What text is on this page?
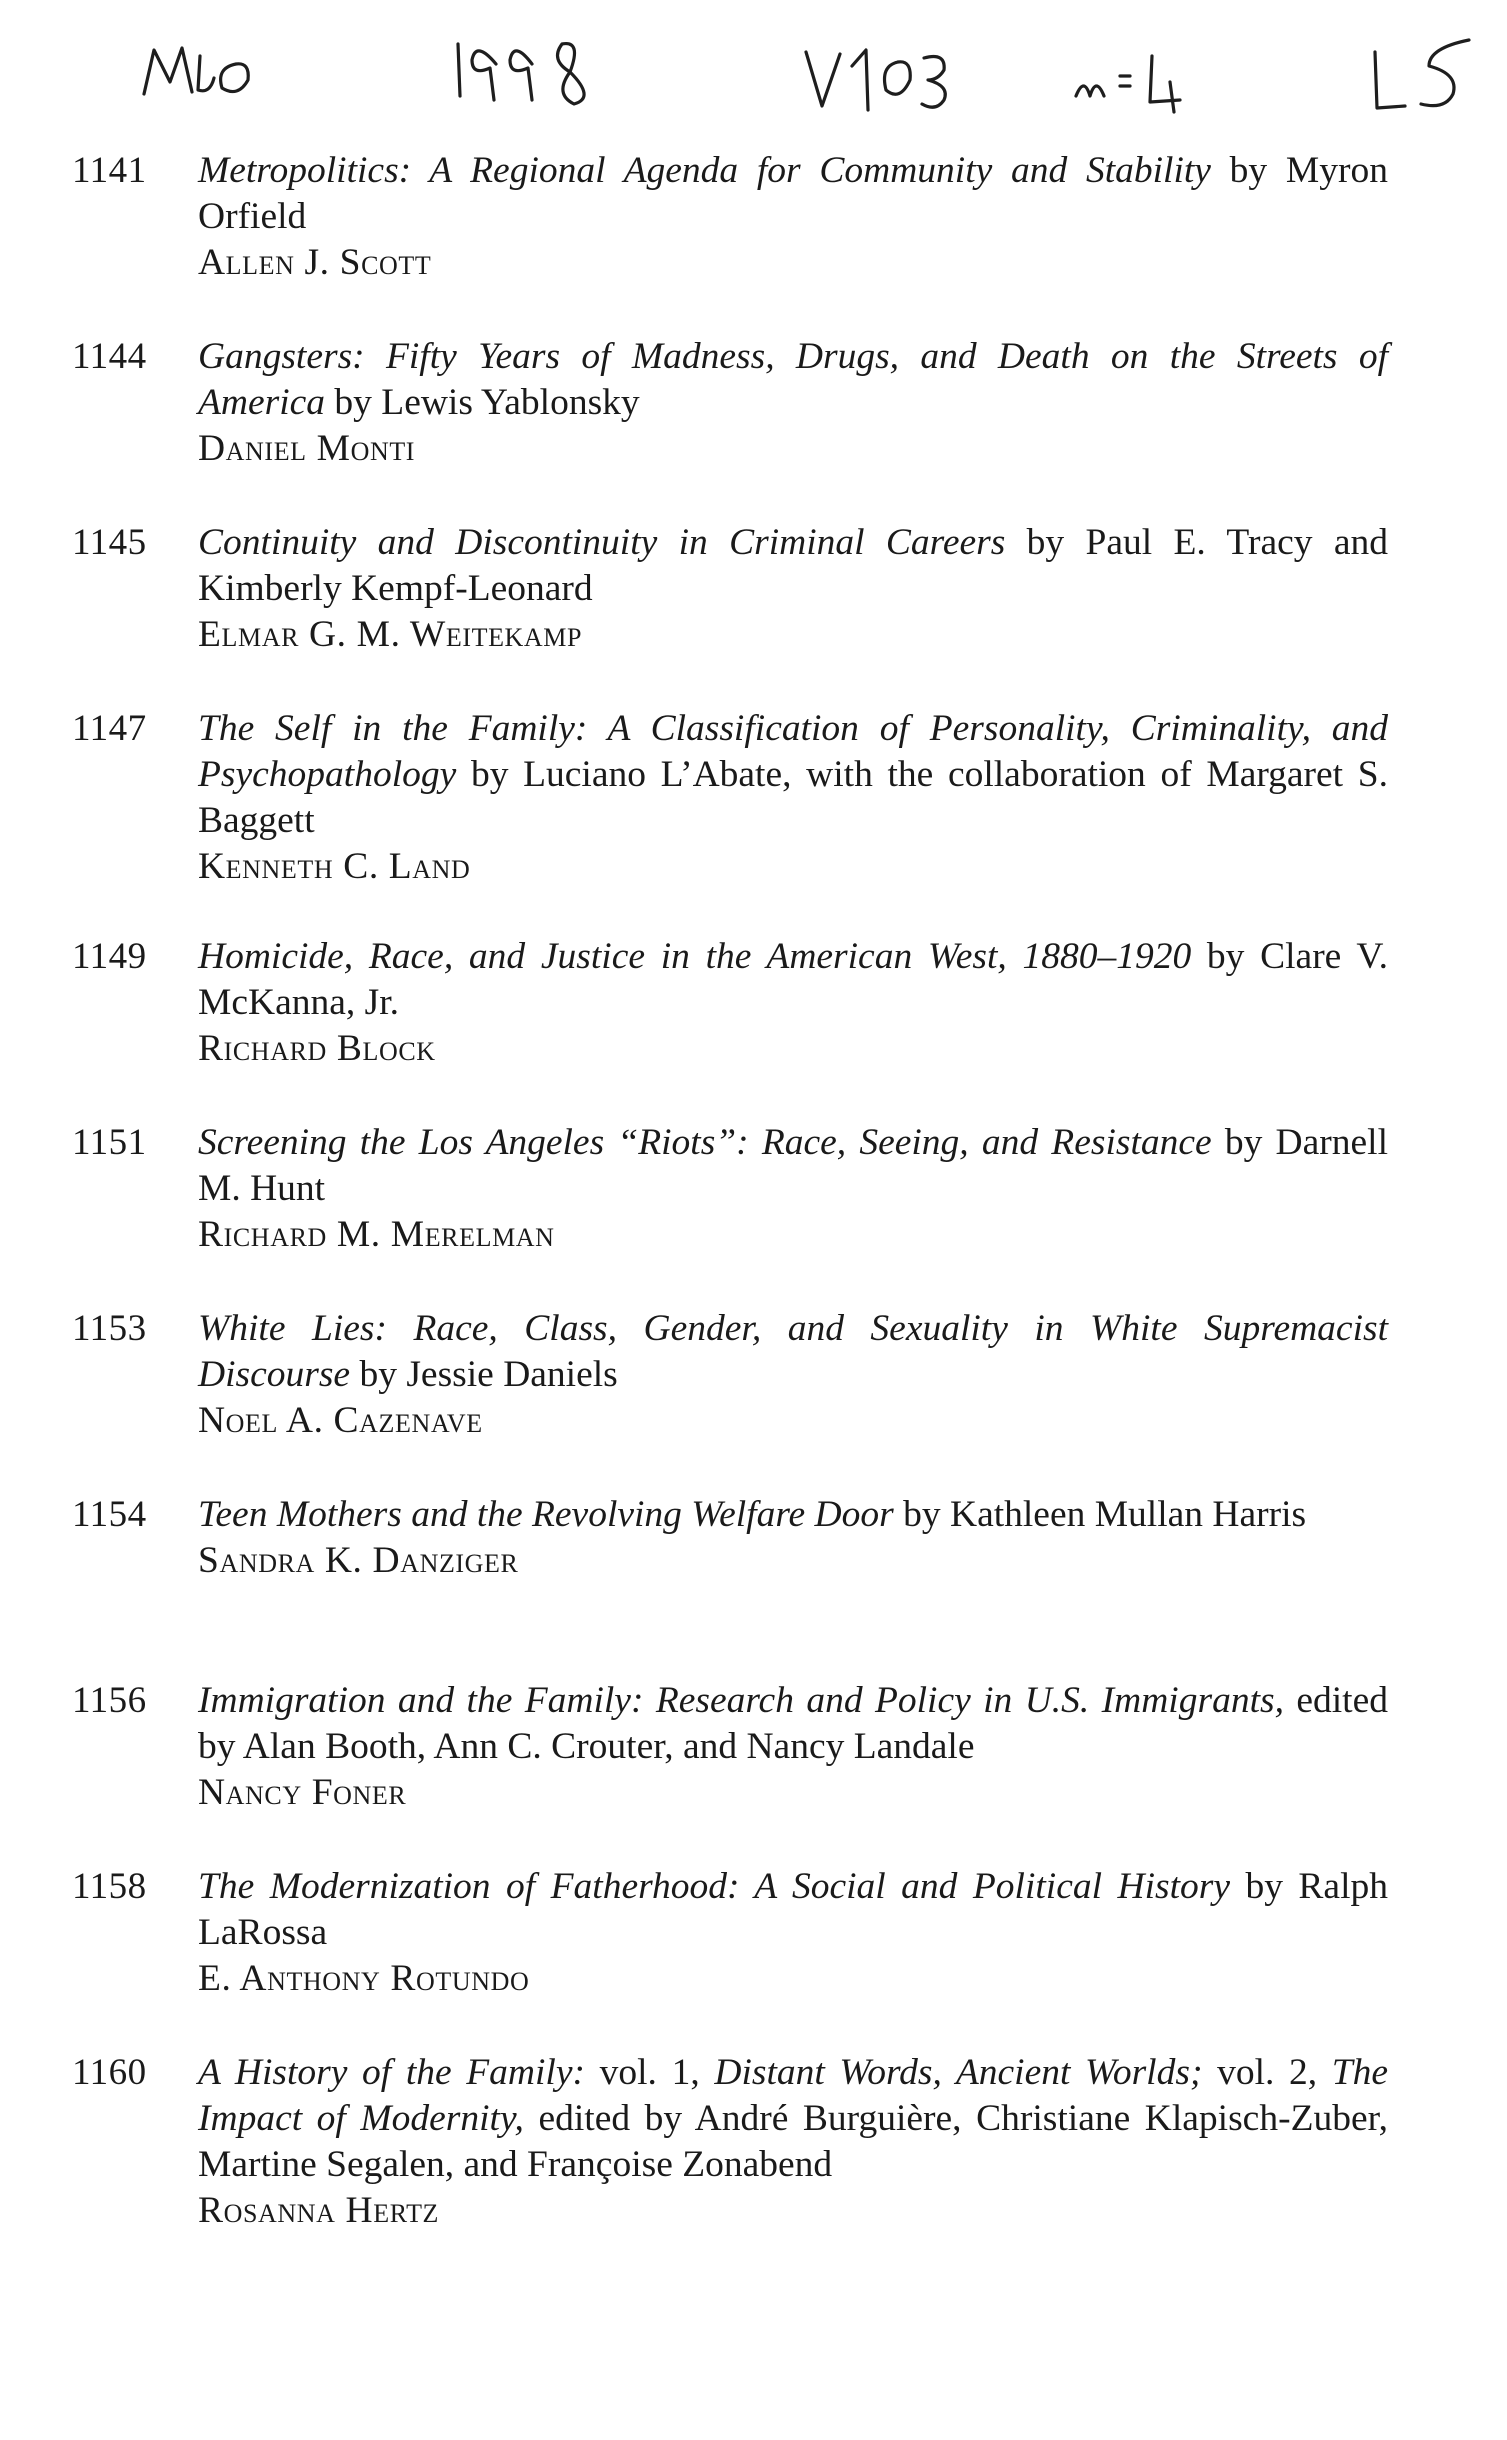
1141	Metropolitics: A Regional Agenda for Community and Stability by Myron Orfield
Allen J. Scott
1144	Gangsters: Fifty Years of Madness, Drugs, and Death on the Streets of America by Lewis Yablonsky
Daniel Monti
1145	Continuity and Discontinuity in Criminal Careers by Paul E. Tracy and Kimberly Kempf-Leonard
Elmar G. M. Weitekamp
1147	The Self in the Family: A Classification of Personality, Criminality, and Psychopathology by Luciano L’Abate, with the collaboration of Margaret S. Baggett
Kenneth C. Land
1149	Homicide, Race, and Justice in the American West, 1880–1920 by Clare V. McKanna, Jr.
Richard Block
1151	Screening the Los Angeles “Riots”: Race, Seeing, and Resistance by Darnell M. Hunt
Richard M. Merelman
1153	White Lies: Race, Class, Gender, and Sexuality in White Supremacist Discourse by Jessie Daniels
Noel A. Cazenave
1154	Teen Mothers and the Revolving Welfare Door by Kathleen Mullan Harris
Sandra K. Danziger
1156	Immigration and the Family: Research and Policy in U.S. Immigrants, edited by Alan Booth, Ann C. Crouter, and Nancy Landale
Nancy Foner
1158	The Modernization of Fatherhood: A Social and Political History by Ralph LaRossa
E. Anthony Rotundo
1160	A History of the Family: vol. 1, Distant Words, Ancient Worlds; vol. 2, The Impact of Modernity, edited by André Burguière, Christiane Klapisch-Zuber, Martine Segalen, and Françoise Zonabend
Rosanna Hertz
